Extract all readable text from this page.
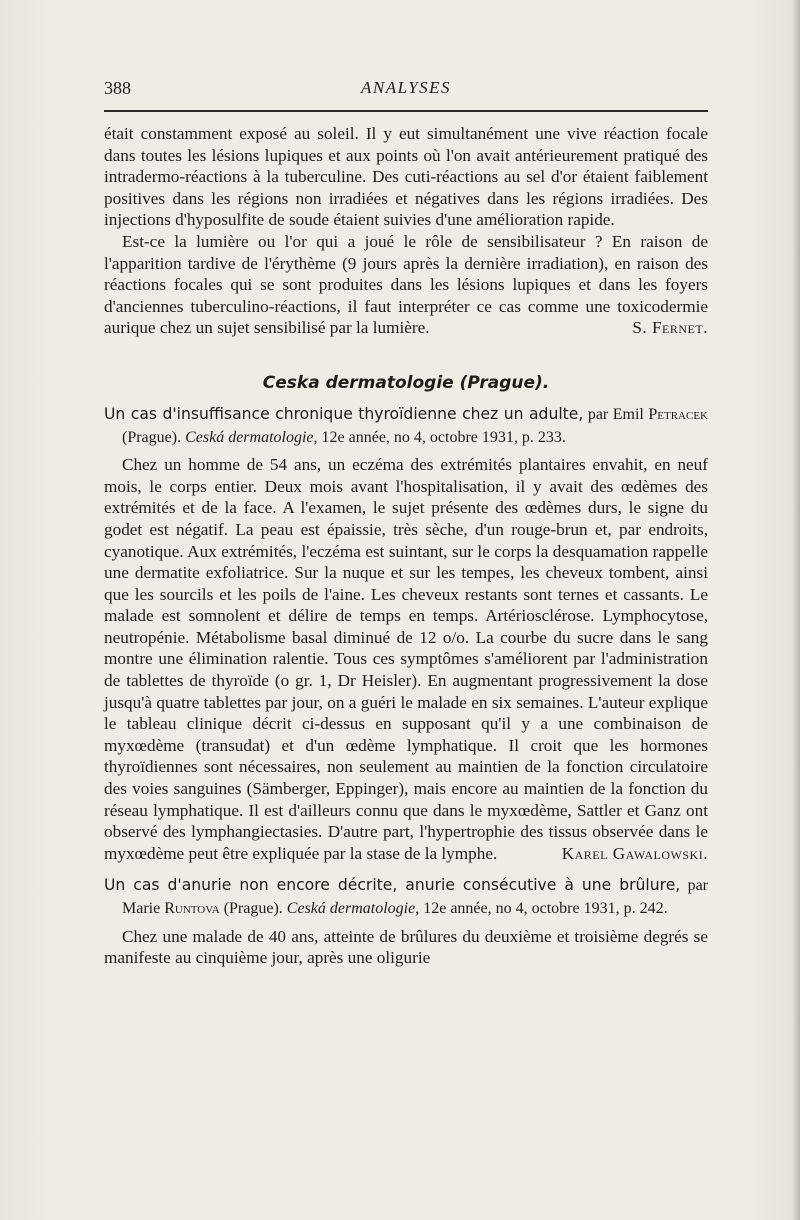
388	ANALYSES

était constamment exposé au soleil. Il y eut simultanément une vive réaction focale dans toutes les lésions lupiques et aux points où l'on avait antérieurement pratiqué des intradermo-réactions à la tuberculine. Des cuti-réactions au sel d'or étaient faiblement positives dans les régions non irradiées et négatives dans les régions irradiées. Des injections d'hyposulfite de soude étaient suivies d'une amélioration rapide.

Est-ce la lumière ou l'or qui a joué le rôle de sensibilisateur ? En raison de l'apparition tardive de l'érythème (9 jours après la dernière irradiation), en raison des réactions focales qui se sont produites dans les lésions lupiques et dans les foyers d'anciennes tuberculino-réactions, il faut interpréter ce cas comme une toxicodermie aurique chez un sujet sensibilisé par la lumière.	S. Fernet.

Ceska dermatologie (Prague).

Un cas d'insuffisance chronique thyroïdienne chez un adulte, par Emil Petracek (Prague). Ceská dermatologie, 12e année, no 4, octobre 1931, p. 233.

Chez un homme de 54 ans, un eczéma des extrémités plantaires envahit, en neuf mois, le corps entier. Deux mois avant l'hospitalisation, il y avait des œdèmes des extrémités et de la face. A l'examen, le sujet présente des œdèmes durs, le signe du godet est négatif. La peau est épaissie, très sèche, d'un rouge-brun et, par endroits, cyanotique. Aux extrémités, l'eczéma est suintant, sur le corps la desquamation rappelle une dermatite exfoliatrice. Sur la nuque et sur les tempes, les cheveux tombent, ainsi que les sourcils et les poils de l'aine. Les cheveux restants sont ternes et cassants. Le malade est somnolent et délire de temps en temps. Artériosclérose. Lymphocytose, neutropénie. Métabolisme basal diminué de 12 o/o. La courbe du sucre dans le sang montre une élimination ralentie. Tous ces symptômes s'améliorent par l'administration de tablettes de thyroïde (o gr. 1, Dr Heisler). En augmentant progressivement la dose jusqu'à quatre tablettes par jour, on a guéri le malade en six semaines. L'auteur explique le tableau clinique décrit ci-dessus en supposant qu'il y a une combinaison de myxœdème (transudat) et d'un œdème lymphatique. Il croit que les hormones thyroïdiennes sont nécessaires, non seulement au maintien de la fonction circulatoire des voies sanguines (Sämberger, Eppinger), mais encore au maintien de la fonction du réseau lymphatique. Il est d'ailleurs connu que dans le myxœdème, Sattler et Ganz ont observé des lymphangiectasies. D'autre part, l'hypertrophie des tissus observée dans le myxœdème peut être expliquée par la stase de la lymphe.	Karel Gawalowski.

Un cas d'anurie non encore décrite, anurie consécutive à une brûlure, par Marie Runtova (Prague). Ceská dermatologie, 12e année, no 4, octobre 1931, p. 242.

Chez une malade de 40 ans, atteinte de brûlures du deuxième et troisième degrés se manifeste au cinquième jour, après une oligurie
